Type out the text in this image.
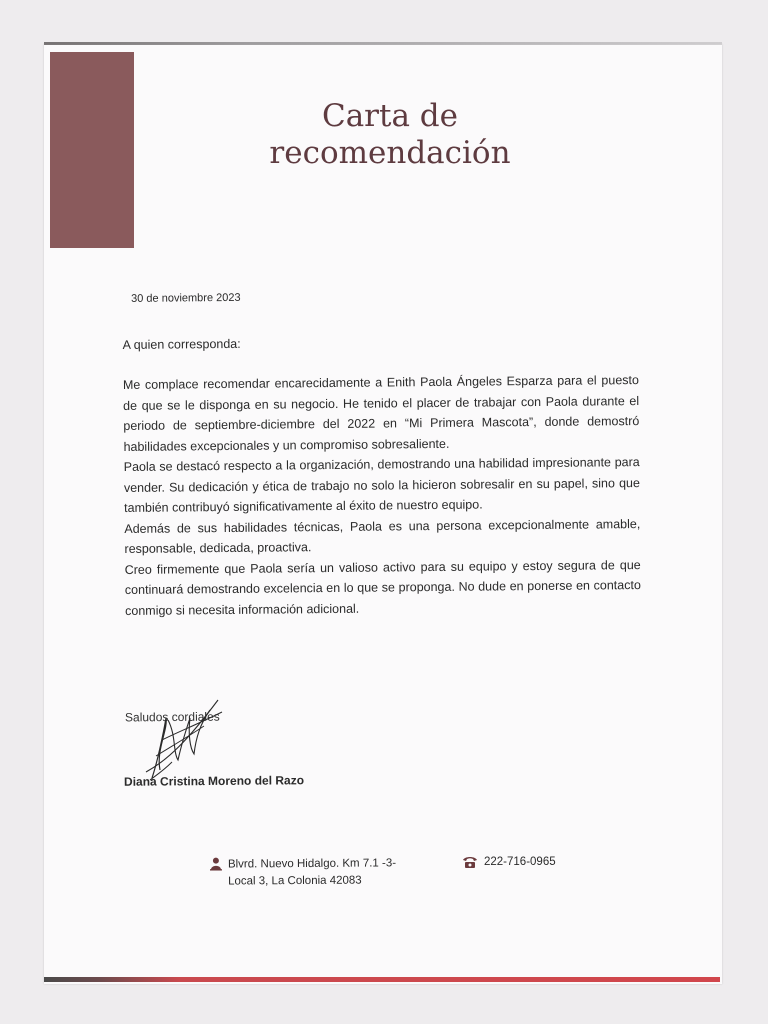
Carta de
recomendación

30 de noviembre 2023

A quien corresponda:

Me complace recomendar encarecidamente a Enith Paola Ángeles Esparza para el puesto de que se le disponga en su negocio. He tenido el placer de trabajar con Paola durante el periodo de septiembre-diciembre del 2022 en “Mi Primera Mascota”, donde demostró habilidades excepcionales y un compromiso sobresaliente.

Paola se destacó respecto a la organización, demostrando una habilidad impresionante para vender. Su dedicación y ética de trabajo no solo la hicieron sobresalir en su papel, sino que también contribuyó significativamente al éxito de nuestro equipo.

Además de sus habilidades técnicas, Paola es una persona excepcionalmente amable, responsable, dedicada, proactiva.

Creo firmemente que Paola sería un valioso activo para su equipo y estoy segura de que continuará demostrando excelencia en lo que se proponga. No dude en ponerse en contacto conmigo si necesita información adicional.

Saludos cordiales

Diana Cristina Moreno del Razo

Blvrd. Nuevo Hidalgo. Km 7.1 -3-
Local 3, La Colonia 42083
222-716-0965
